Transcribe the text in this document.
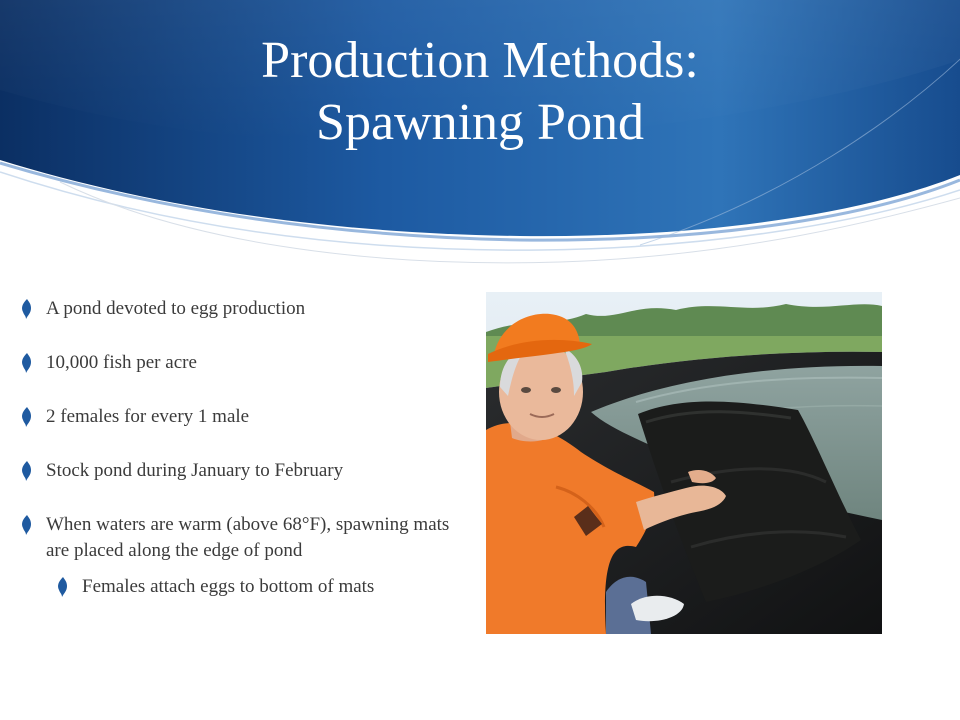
Production Methods:
Spawning Pond
A pond devoted to egg production
10,000 fish per acre
2 females for every 1 male
Stock pond during January to February
When waters are warm (above 68°F), spawning mats are placed along the edge of pond
Females attach eggs to bottom of mats
